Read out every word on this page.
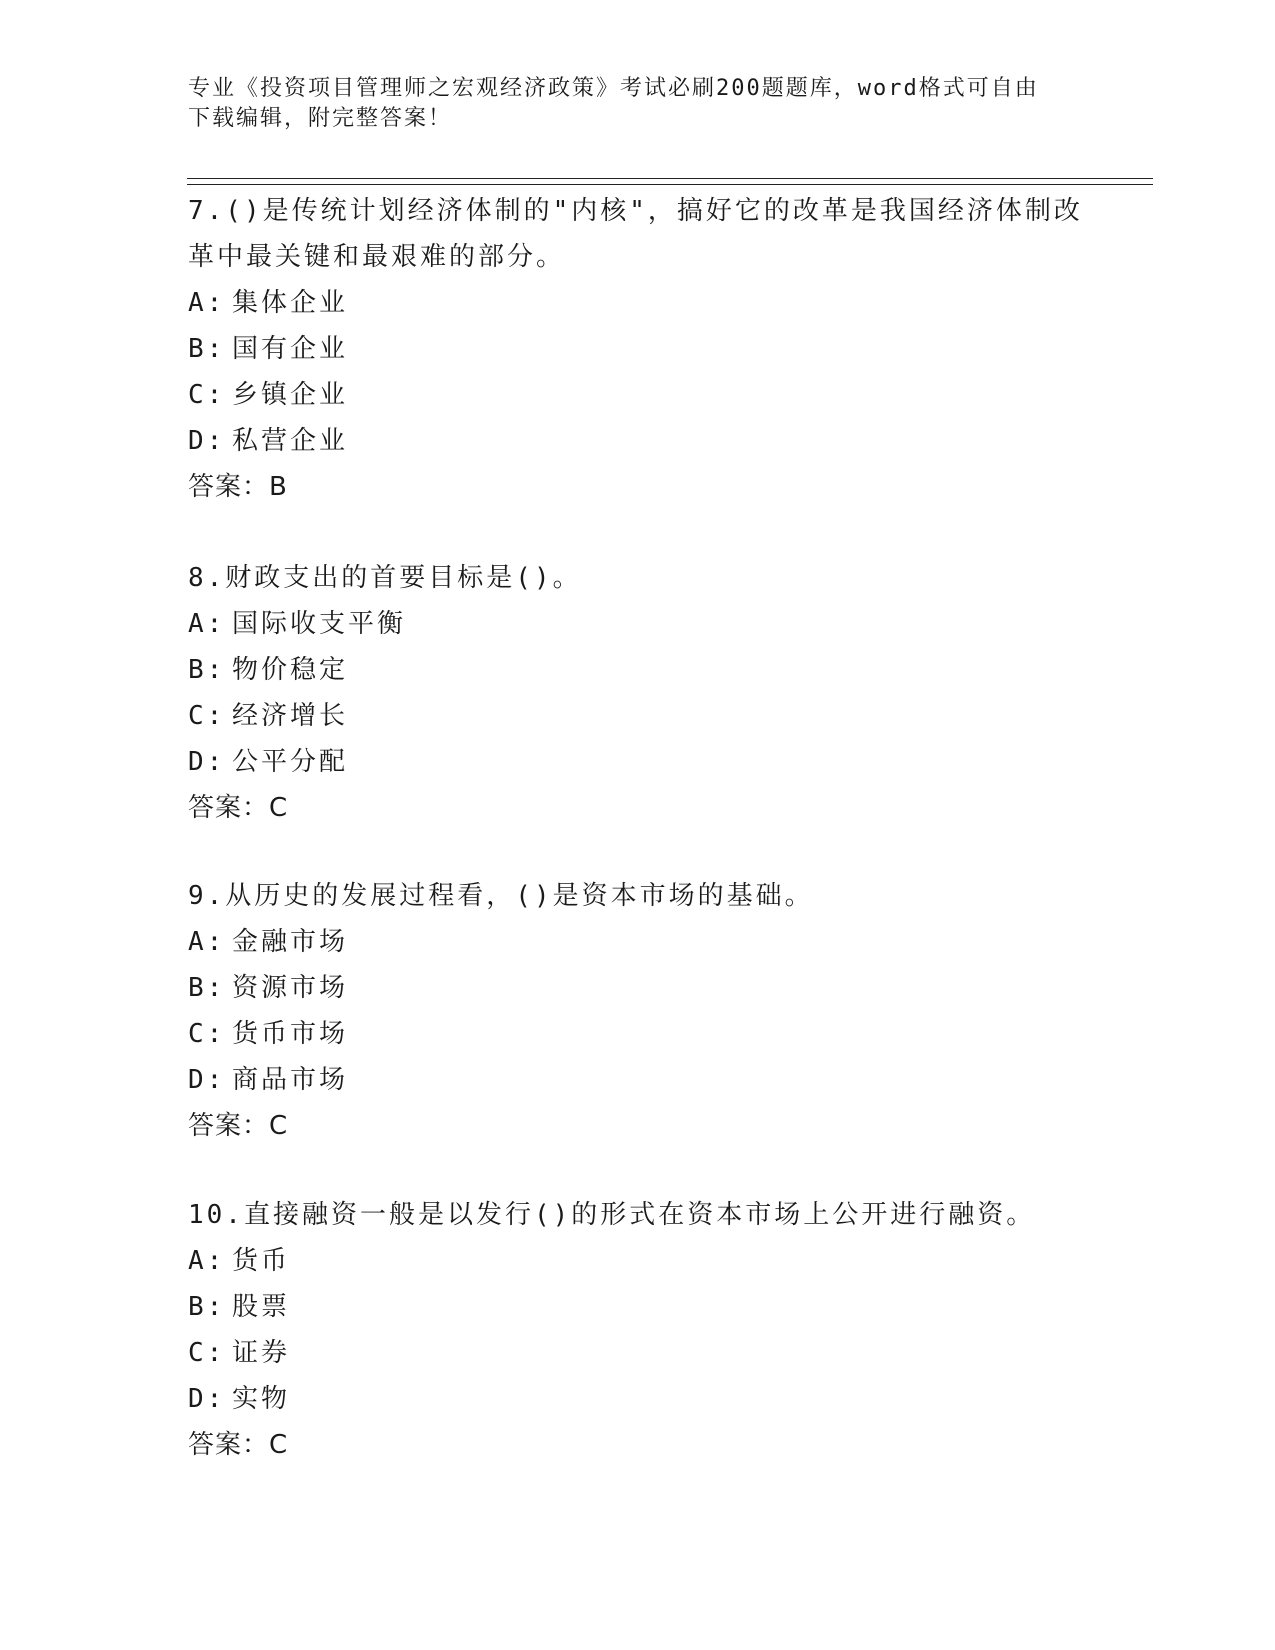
专业《投资项目管理师之宏观经济政策》考试必刷200题题库，word格式可自由
下载编辑，附完整答案！
7.()是传统计划经济体制的"内核"，搞好它的改革是我国经济体制改
革中最关键和最艰难的部分。
A: 集体企业
B: 国有企业
C: 乡镇企业
D: 私营企业
答案：B
8.财政支出的首要目标是()。
A: 国际收支平衡
B: 物价稳定
C: 经济增长
D: 公平分配
答案：C
9.从历史的发展过程看，()是资本市场的基础。
A: 金融市场
B: 资源市场
C: 货币市场
D: 商品市场
答案：C
10.直接融资一般是以发行()的形式在资本市场上公开进行融资。
A: 货币
B: 股票
C: 证券
D: 实物
答案：C
